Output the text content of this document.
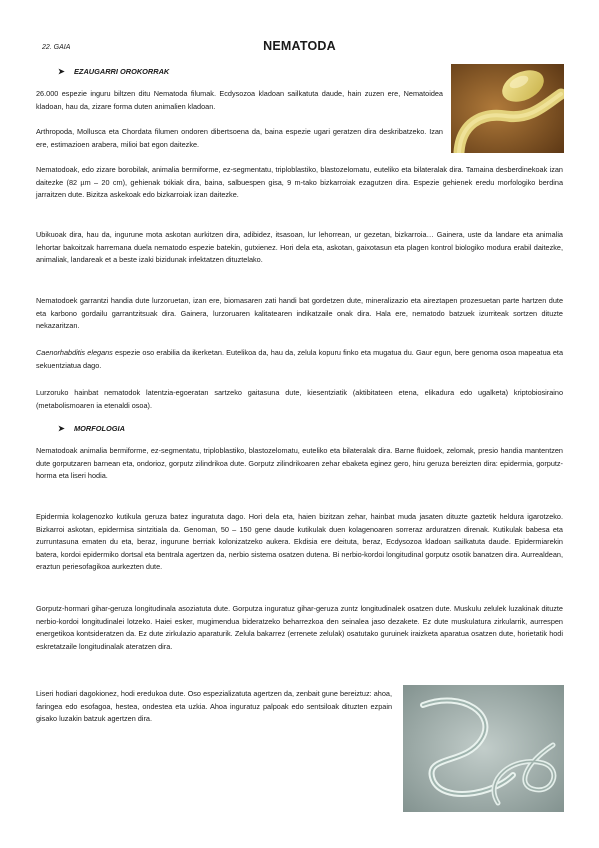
22. GAIA	NEMATODA
➤ EZAUGARRI OROKORRAK

26.000 espezie inguru biltzen ditu Nematoda filumak. Ecdysozoa kladoan sailkatuta daude, hain zuzen ere, Nematoidea kladoan, hau da, zizare forma duten animalien kladoan.

Arthropoda, Mollusca eta Chordata filumen ondoren dibertsoena da, baina espezie ugari geratzen dira deskribatzeko. Izan ere, estimazioen arabera, milioi bat egon daitezke.

Nematodoak, edo zizare borobilak, animalia bermiforme, ez-segmentatu, triploblastiko, blastozelomatu, euteliko eta bilateralak dira. Tamaina desberdinekoak izan daitezke (82 µm – 20 cm), gehienak txikiak dira, baina, salbuespen gisa, 9 m-tako bizkarroiak ezagutzen dira. Espezie gehienek eredu morfologiko berdina jarraitzen dute. Bizitza askekoak edo bizkarroiak izan daitezke.

Ubikuoak dira, hau da, ingurune mota askotan aurkitzen dira, adibidez, itsasoan, lur lehorrean, ur gezetan, bizkarroia… Gainera, uste da landare eta animalia lehortar bakoitzak harremana duela nematodo espezie batekin, gutxienez. Hori dela eta, askotan, gaixotasun eta plagen kontrol biologiko modura erabil daitezke, animaliak, landareak et a beste izaki bizidunak infektatzen dituztelako.

Nematodoek garrantzi handia dute lurzoruetan, izan ere, biomasaren zati handi bat gordetzen dute, mineralizazio eta aireztapen prozesuetan parte hartzen dute eta karbono gordailu garrantzitsuak dira. Gainera, lurzoruaren kalitatearen indikatzaile onak dira. Hala ere, nematodo batzuek izurriteak sortzen dituzte nekazaritzan.

Caenorhabditis elegans espezie oso erabilia da ikerketan. Eutelikoa da, hau da, zelula kopuru finko eta mugatua du. Gaur egun, bere genoma osoa mapeatua eta sekuentziatua dago.

Lurzoruko hainbat nematodok latentzia-egoeratan sartzeko gaitasuna dute, kiesentziatik (aktibitateen etena, elikadura edo ugalketa) kriptobiosiraino (metabolismoaren ia etenaldi osoa).

➤ MORFOLOGIA

Nematodoak animalia bermiforme, ez-segmentatu, triploblastiko, blastozelomatu, euteliko eta bilateralak dira. Barne fluidoek, zelomak, presio handia mantentzen dute gorputzaren barnean eta, ondorioz, gorputz zilindrikoa dute. Gorputz zilindrikoaren zehar ebaketa eginez gero, hiru geruza bereizten dira: epidermia, gorputz-horma eta liseri hodia.

Epidermia kolagenozko kutikula geruza batez inguratuta dago. Hori dela eta, haien bizitzan zehar, hainbat muda jasaten dituzte gaztetik heldura igarotzeko. Bizkarroi askotan, epidermisa sintzitiala da. Genoman, 50 – 150 gene daude kutikulak duen kolagenoaren sorreraz arduratzen direnak. Kutikulak babesa eta zurruntasuna ematen du eta, beraz, ingurune berriak kolonizatzeko aukera. Ekdisia ere deituta, beraz, Ecdysozoa kladoan sailkatuta daude. Epidermiarekin batera, kordoi epidermiko dortsal eta bentrala agertzen da, nerbio sistema osatzen dutena. Bi nerbio-kordoi longitudinal gorputz osotik banatzen dira. Aurrealdean, eraztun periesofagikoa aurkezten dute.

Gorputz-hormari gihar-geruza longitudinala asoziatuta dute. Gorputza inguratuz gihar-geruza zuntz longitudinalek osatzen dute. Muskulu zelulek luzakinak dituzte nerbio-kordoi longitudinalei lotzeko. Haiei esker, mugimendua bideratzeko beharrezkoa den seinalea jaso dezakete. Ez dute muskulatura zirkularrik, aurrespen energetikoa kontsideratzen da. Ez dute zirkulazio aparaturik. Zelula bakarrez (errenete zelulak) osatutako guruinek iraizketa aparatua osatzen dute, horietatik hodi eskretatzaile longitudinalak ateratzen dira.

Liseri hodiari dagokionez, hodi eredukoa dute. Oso espezializatuta agertzen da, zenbait gune bereiztuz: ahoa, faringea edo esofagoa, hestea, ondestea eta uzkia. Ahoa inguratuz palpoak edo sentsiloak dituzten ezpain gisako luzakin batzuk agertzen dira.
